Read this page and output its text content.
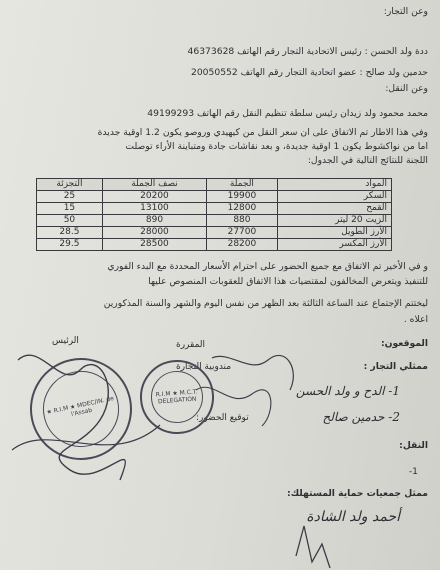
وعن التجار:
ددة ولد الحسن : رئيس الاتحادية التجار رقم الهاتف 46373628
حدمين ولد صالح : عضو اتحادية التجار رقم الهاتف 20050552
وعن النقل:
محمد محمود ولد زيدان رئيس سلطة تنظيم النقل رقم الهاتف 49199293
وفي هذا الاطار تم الاتفاق على ان سعر النقل من كيهيدي وروصو يكون 1.2 اوقية جديدة
اما من نواكشوط يكون 1 اوقية جديدة، و بعد نقاشات جادة ومتباينة الأراء توصلت
اللجنة للنتائج التالية في الجدول:
المواد	الجملة	نصف الجملة	التجزئة
السكر	19900	20200	25
القمح	12800	13100	15
الزيت 20 ليتر	880	890	50
الأرز الطويل	27700	28000	28.5
الأرز المكسر	28200	28500	29.5
و في الأخير تم الاتفاق مع جميع الحضور على احترام الأسعار المحددة مع البدء الفوري
للتنفيذ ويتعرض المخالفون لمقتضيات هذا الاتفاق للعقوبات المنصوص عليها
ليختتم الإجتماع عند الساعة الثالثة بعد الظهر من نفس اليوم والشهر والسنة المذكورين
اعلاه .
الموقعون:
الرئيس	المقررة
مندوبية التجارة	ممثلي التجار :
1- الدح و ولد الحسن
توقيع الحضور:	2- حدمين صالح
النقل:
1-
ممثل جمعيات حماية المستهلك:
أحمد ولد الشادة
★ R.I.M ★ MDEC/IN. de l'Assab
R.I.M ★ M.C.T. DELEGATION
